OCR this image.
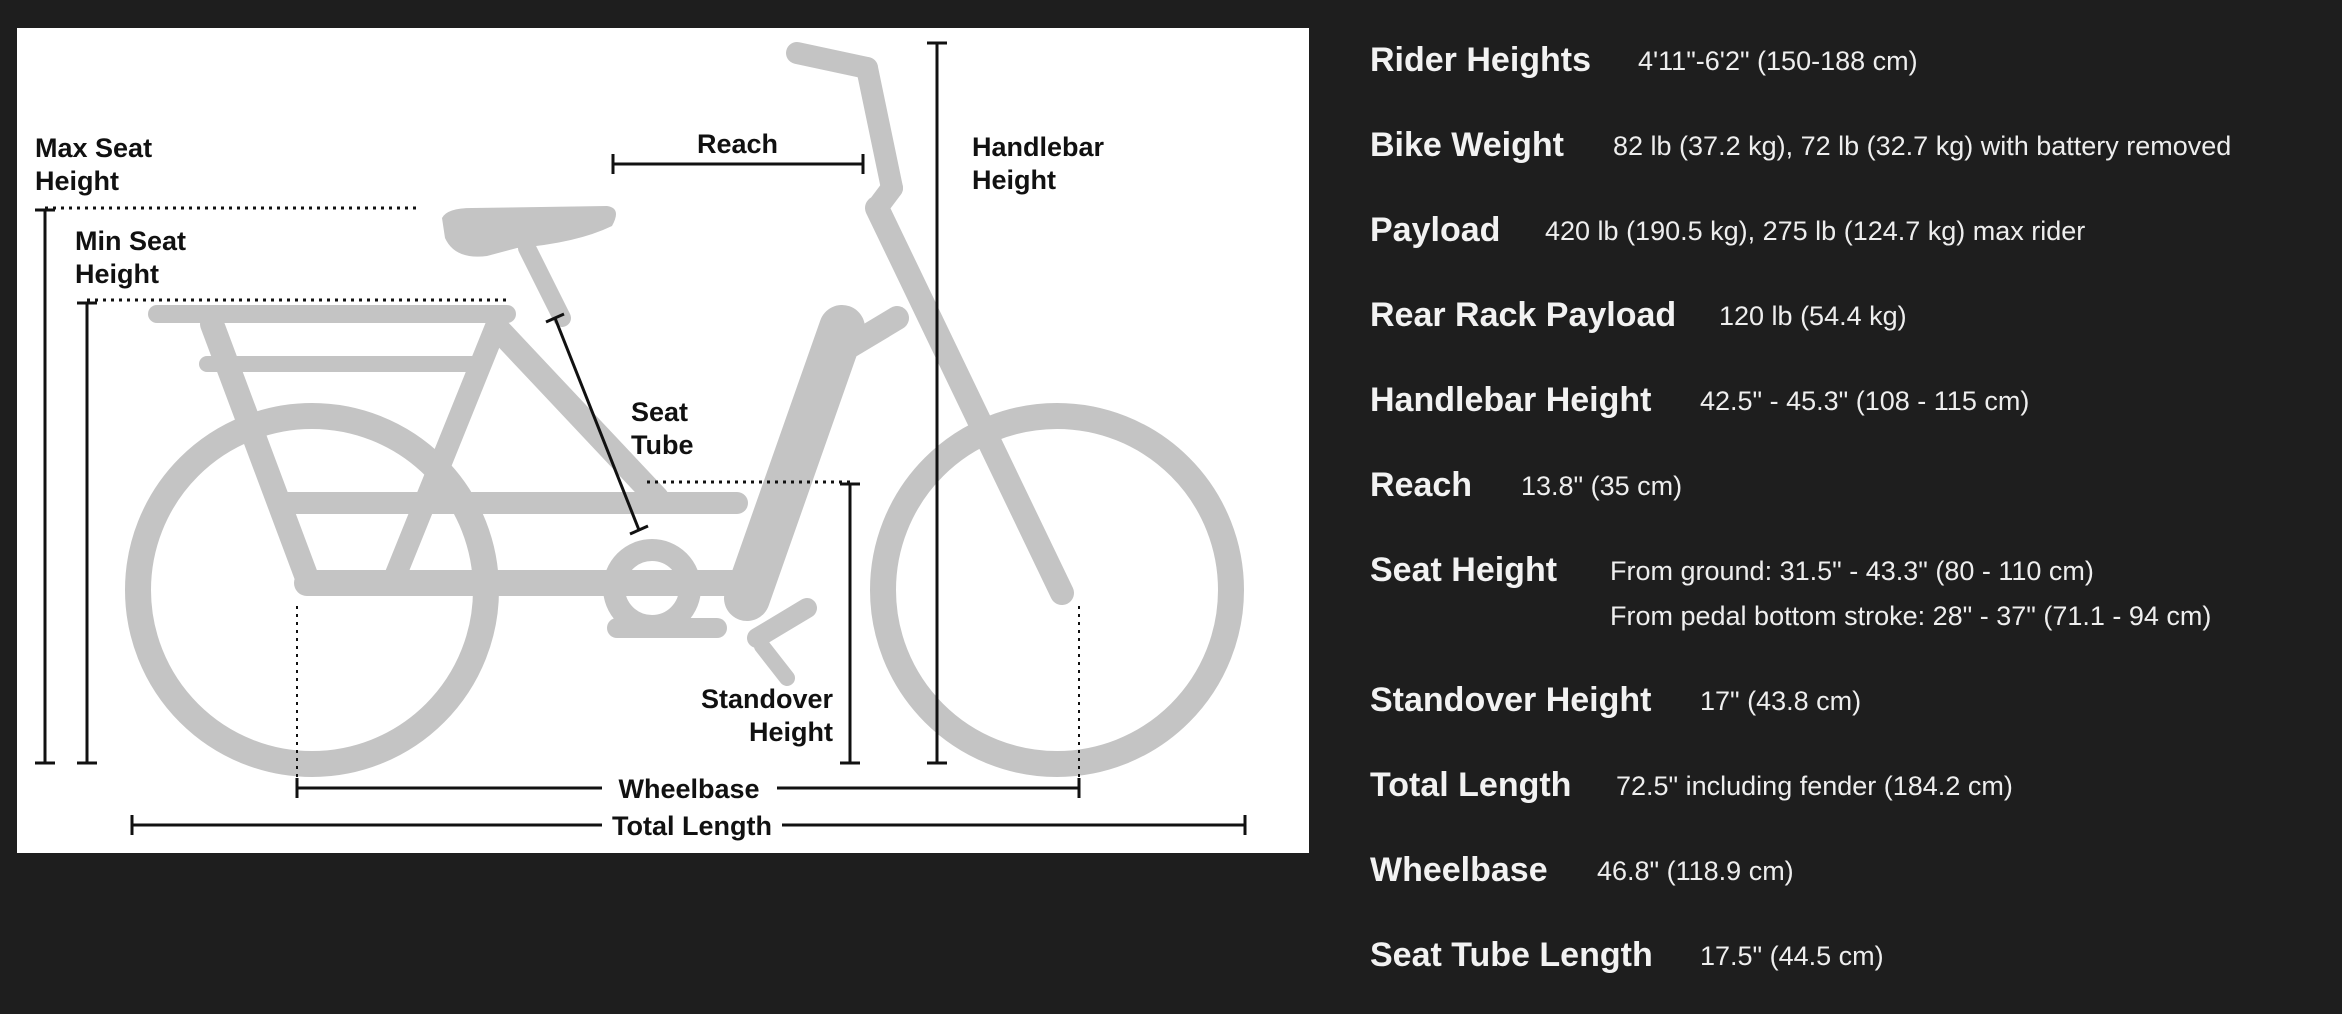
Max Seat
Height
Min Seat
Height
Reach	Handlebar
Height
Seat
Tube
Standover
Height
Wheelbase
Total Length
Rider Heights 4'11"-6'2" (150-188 cm)
Bike Weight 82 lb (37.2 kg), 72 lb (32.7 kg) with battery removed
Payload 420 lb (190.5 kg), 275 lb (124.7 kg) max rider
Rear Rack Payload 120 lb (54.4 kg)
Handlebar Height 42.5" - 45.3" (108 - 115 cm)
Reach 13.8" (35 cm)
Seat Height From ground: 31.5" - 43.3" (80 - 110 cm)
From pedal bottom stroke: 28" - 37" (71.1 - 94 cm)
Standover Height 17" (43.8 cm)
Total Length 72.5" including fender (184.2 cm)
Wheelbase 46.8" (118.9 cm)
Seat Tube Length 17.5" (44.5 cm)
